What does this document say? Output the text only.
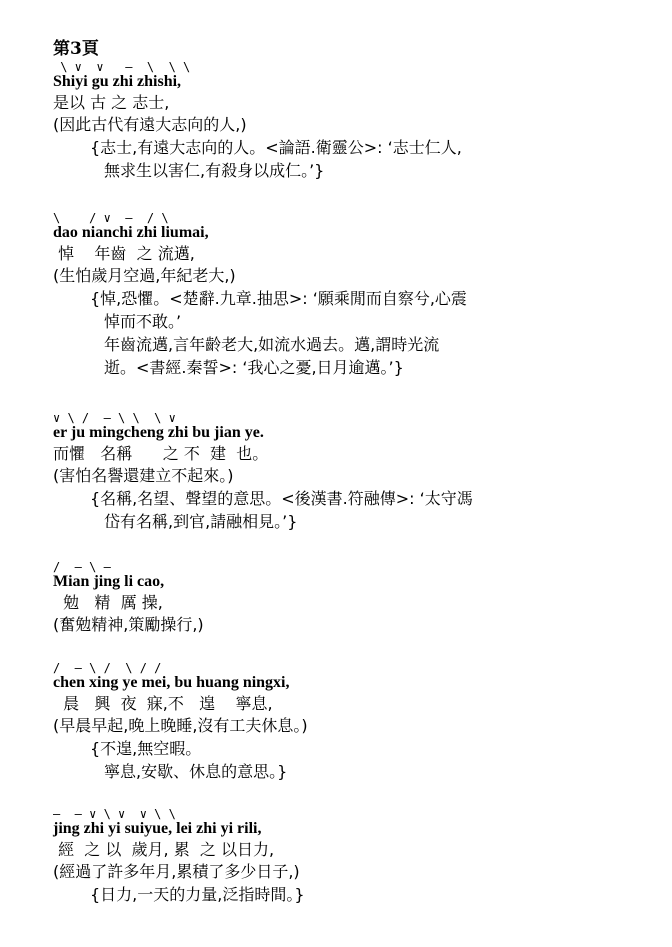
第3頁
\ ∨  ∨   —  \  \ \
Shiyi gu zhi zhishi,
是以 古 之 志士,
(因此古代有遠大志向的人,)

{志士,有遠大志向的人。<論語.衛靈公>: ‘志士仁人,

無求生以害仁,有殺身以成仁。’}

\    / ∨  —  / \
dao nianchi zhi liumai,
悼    年齒  之 流邁,
(生怕歲月空過,年紀老大,)

{悼,恐懼。<楚辭.九章.抽思>: ‘願乘閒而自察兮,心震

悼而不敢。’

年齒流邁,言年齡老大,如流水過去。邁,謂時光流

逝。<書經.秦誓>: ‘我心之憂,日月逾邁。’}

∨ \ /  — \ \  \ ∨
er ju mingcheng zhi bu jian ye.
而懼   名稱      之 不  建  也。
(害怕名譽還建立不起來。)

{名稱,名望、聲望的意思。<後漢書.符融傳>: ‘太守馮

岱有名稱,到官,請融相見。’}

/  — \ —
Mian jing li cao,
勉   精  厲 操,
(奮勉精神,策勵操行,)
/  — \ /  \ / /
chen xing ye mei, bu huang ningxi,
晨   興  夜  寐,不   遑    寧息,
(早晨早起,晚上晚睡,沒有工夫休息。)

{不遑,無空暇。

寧息,安歇、休息的意思。}

—  — ∨ \ ∨  ∨ \ \
jing zhi yi suiyue, lei zhi yi rili,
經  之 以  歲月, 累  之 以日力,
(經過了許多年月,累積了多少日子,)

{日力,一天的力量,泛指時間。}
